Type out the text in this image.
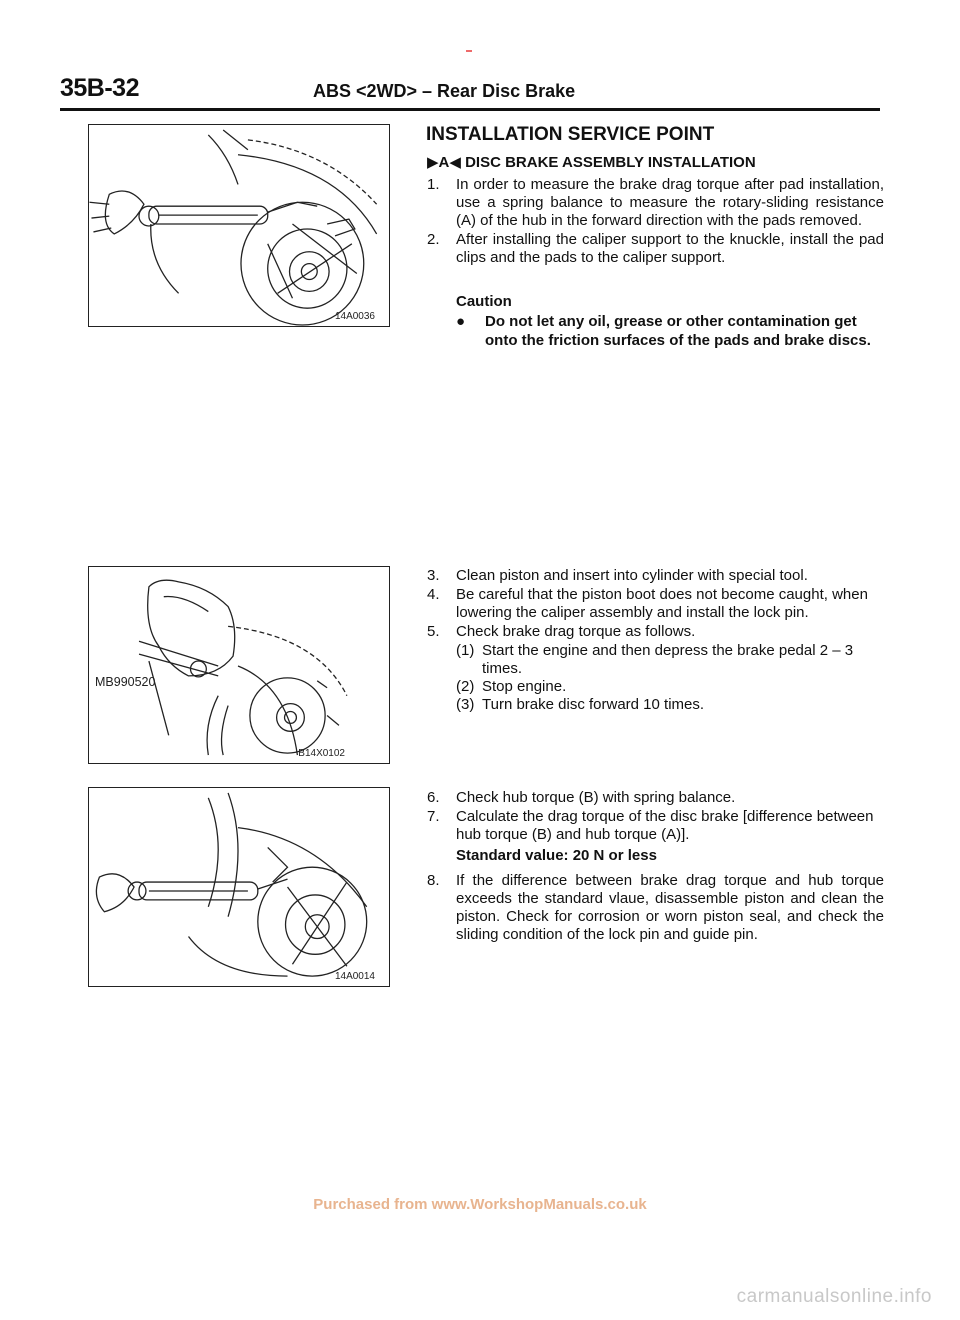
35B-32	ABS <2WD> – Rear Disc Brake
14A0036
MB990520
B14X0102
14A0014
INSTALLATION SERVICE POINT
▶A◀ DISC BRAKE ASSEMBLY INSTALLATION
1. In order to measure the brake drag torque after pad installation, use a spring balance to measure the rotary-sliding resistance (A) of the hub in the forward direction with the pads removed.
2. After installing the caliper support to the knuckle, install the pad clips and the pads to the caliper support.
Caution
●	Do not let any oil, grease or other contamination get onto the friction surfaces of the pads and brake discs.
3. Clean piston and insert into cylinder with special tool.
4. Be careful that the piston boot does not become caught, when lowering the caliper assembly and install the lock pin.
5. Check brake drag torque as follows.
(1) Start the engine and then depress the brake pedal 2 – 3 times.
(2) Stop engine.
(3) Turn brake disc forward 10 times.
6. Check hub torque (B) with spring balance.
7. Calculate the drag torque of the disc brake [difference between hub torque (B) and hub torque (A)].
Standard value: 20 N or less
8. If the difference between brake drag torque and hub torque exceeds the standard vlaue, disassemble piston and clean the piston. Check for corrosion or worn piston seal, and check the sliding condition of the lock pin and guide pin.
Purchased from www.WorkshopManuals.co.uk
carmanualsonline.info
